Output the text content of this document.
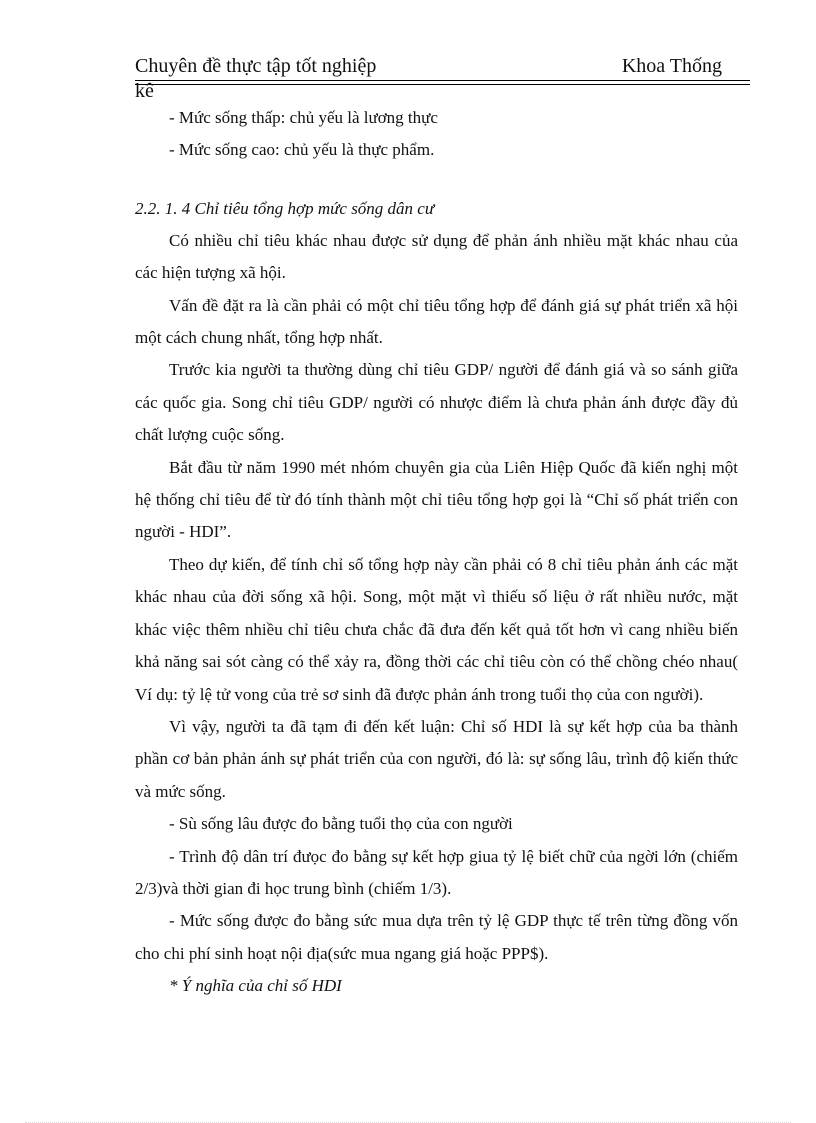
Chuyên đề thực tập tốt nghiệp	Khoa Thống
kê

- Mức sống thấp: chủ yếu là lương thực

- Mức sống cao: chủ yếu là thực phẩm.

2.2. 1. 4 Chỉ tiêu tổng hợp mức sống dân cư

Có nhiều chỉ tiêu khác nhau được sử dụng để phản ánh nhiều mặt khác nhau của các hiện tượng xã hội.

Vấn đề đặt ra là cần phải có một chỉ tiêu tổng hợp để đánh giá sự phát triển xã hội một cách chung nhất, tổng hợp nhất.

Trước kia người ta thường dùng chỉ tiêu GDP/ người để đánh giá và so sánh giữa các quốc gia. Song chỉ tiêu GDP/ người có nhược điểm là chưa phản ánh được đầy đủ chất lượng cuộc sống.

Bắt đầu từ năm 1990 mét nhóm chuyên gia của Liên Hiệp Quốc đã kiến nghị một hệ thống chỉ tiêu để từ đó tính thành một chỉ tiêu tổng hợp gọi là “Chỉ số phát triển con người - HDI”.

Theo dự kiến, để tính chỉ số tổng hợp này cần phải có 8 chỉ tiêu phản ánh các mặt khác nhau của đời sống xã hội. Song, một mặt vì thiếu số liệu ở rất nhiều nước, mặt khác việc thêm nhiều chỉ tiêu chưa chắc đã đưa đến kết quả tốt hơn vì cang nhiều biến khả năng sai sót càng có thể xảy ra, đồng thời các chỉ tiêu còn có thể chồng chéo nhau( Ví dụ: tỷ lệ tử vong của trẻ sơ sinh đã được phản ánh trong tuổi thọ của con người).

Vì vậy, người ta đã tạm đi đến kết luận: Chỉ số HDI là sự kết hợp của ba thành phần cơ bản phản ánh sự phát triển của con người, đó là: sự sống lâu, trình độ kiến thức và mức sống.

- Sù sống lâu được đo bằng tuổi thọ của con người

- Trình độ dân trí đưọc đo bằng sự kết hợp giua tỷ lệ biết chữ của ngời lớn (chiếm 2/3)và thời gian đi học trung bình (chiếm 1/3).

- Mức sống được đo bằng sức mua dựa trên tỷ lệ GDP thực tế trên từng đồng vốn cho chi phí sinh hoạt nội địa(sức mua ngang giá hoặc PPP$).

* Ý nghĩa của chỉ số HDI
